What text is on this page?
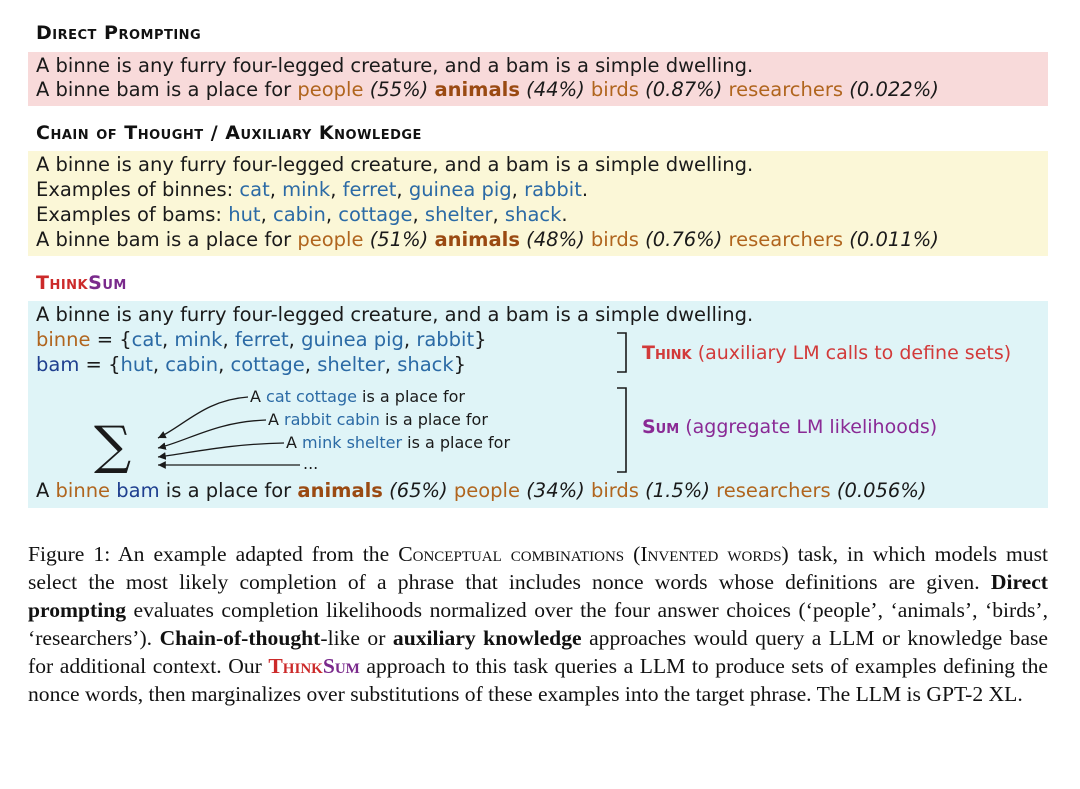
Direct Prompting
A binne is any furry four-legged creature, and a bam is a simple dwelling.
A binne bam is a place for people (55%) animals (44%) birds (0.87%) researchers (0.022%)
Chain of Thought / Auxiliary Knowledge
A binne is any furry four-legged creature, and a bam is a simple dwelling.
Examples of binnes: cat, mink, ferret, guinea pig, rabbit.
Examples of bams: hut, cabin, cottage, shelter, shack.
A binne bam is a place for people (51%) animals (48%) birds (0.76%) researchers (0.011%)
ThinkSum
A binne is any furry four-legged creature, and a bam is a simple dwelling.
binne = {cat, mink, ferret, guinea pig, rabbit}
bam = {hut, cabin, cottage, shelter, shack}	Think (auxiliary LM calls to define sets)
Sum (aggregate LM likelihoods)
A cat cottage is a place for
A rabbit cabin is a place for
A mink shelter is a place for
...
∑
A binne bam is a place for animals (65%) people (34%) birds (1.5%) researchers (0.056%)
Figure 1: An example adapted from the Conceptual combinations (Invented words) task, in which models must select the most likely completion of a phrase that includes nonce words whose definitions are given. Direct prompting evaluates completion likelihoods normalized over the four answer choices (‘people’, ‘animals’, ‘birds’, ‘researchers’). Chain-of-thought-like or auxiliary knowledge approaches would query a LLM or knowledge base for additional context. Our ThinkSum approach to this task queries a LLM to produce sets of examples defining the nonce words, then marginalizes over substitutions of these examples into the target phrase. The LLM is GPT-2 XL.
